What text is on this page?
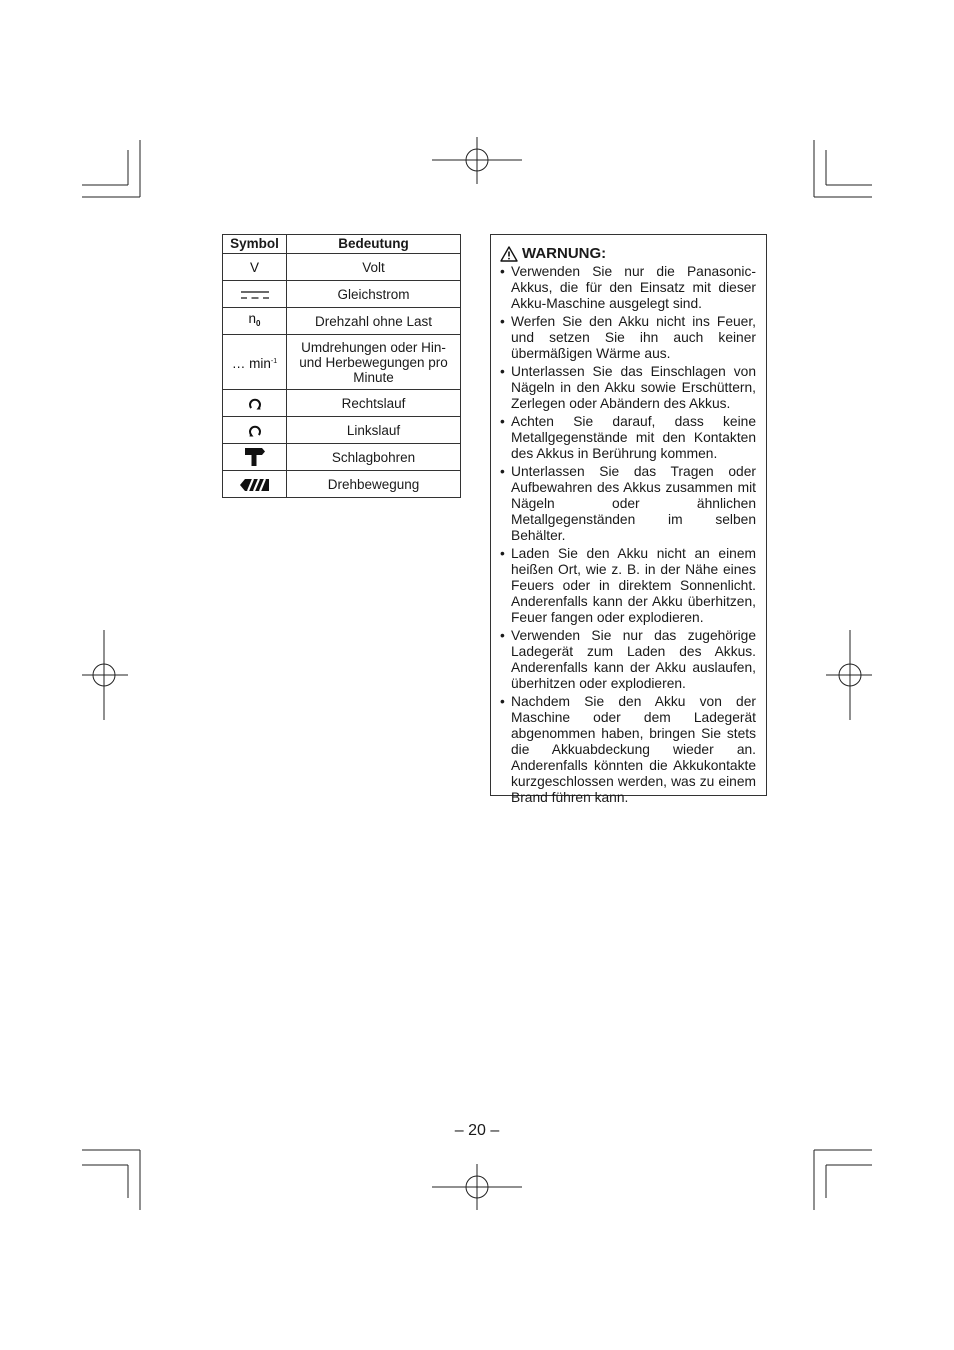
Symbol	Bedeutung
V	Volt
	Gleichstrom
$n_0$	Drehzahl ohne Last
… $\min^{-1}$	Umdrehungen oder Hin- und Herbewegungen pro Minute
	Rechtslauf
	Linkslauf
	Schlagbohren
	Drehbewegung
WARNUNG:
• Verwenden Sie nur die Panasonic-Akkus, die für den Einsatz mit dieser Akku-Maschine ausgelegt sind.
• Werfen Sie den Akku nicht ins Feuer, und setzen Sie ihn auch keiner übermäßigen Wärme aus.
• Unterlassen Sie das Einschlagen von Nägeln in den Akku sowie Erschüttern, Zerlegen oder Abändern des Akkus.
• Achten Sie darauf, dass keine Metallgegenstände mit den Kontakten des Akkus in Berührung kommen.
• Unterlassen Sie das Tragen oder Aufbewahren des Akkus zusammen mit Nägeln oder ähnlichen Metallgegenständen im selben Behälter.
• Laden Sie den Akku nicht an einem heißen Ort, wie z. B. in der Nähe eines Feuers oder in direktem Sonnenlicht. Anderenfalls kann der Akku überhitzen, Feuer fangen oder explodieren.
• Verwenden Sie nur das zugehörige Ladegerät zum Laden des Akkus. Anderenfalls kann der Akku auslaufen, überhitzen oder explodieren.
• Nachdem Sie den Akku von der Maschine oder dem Ladegerät abgenommen haben, bringen Sie stets die Akkuabdeckung wieder an. Anderenfalls könnten die Akkukontakte kurzgeschlossen werden, was zu einem Brand führen kann.
– 20 –
